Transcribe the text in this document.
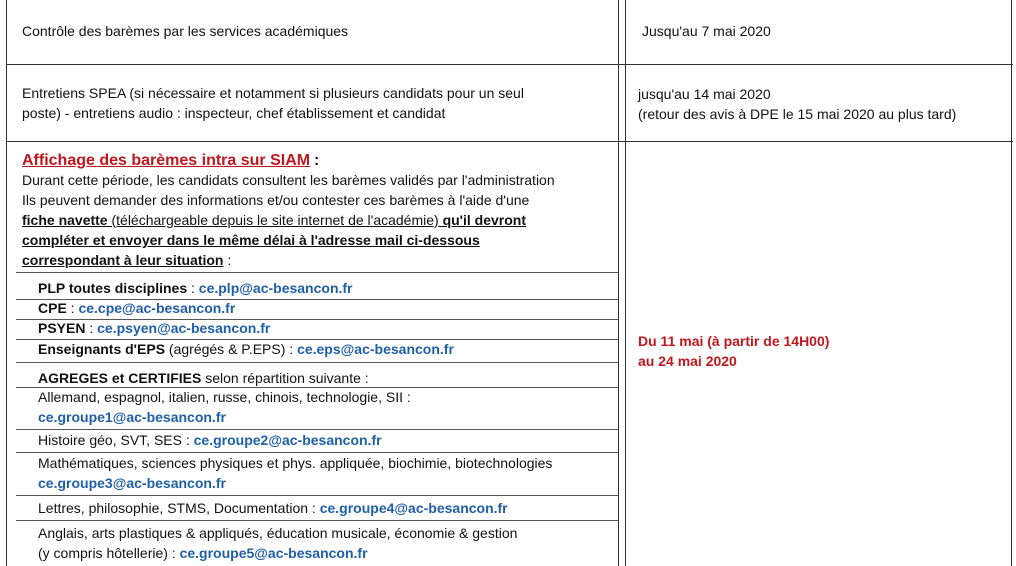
Contrôle des barèmes par les services académiques	Jusqu'au 7 mai 2020
Entretiens SPEA (si nécessaire et notamment si plusieurs candidats pour un seul
poste) - entretiens audio : inspecteur, chef établissement et candidat
jusqu'au 14 mai 2020
(retour des avis à DPE le 15 mai 2020 au plus tard)
Affichage des barèmes intra sur SIAM :
Durant cette période, les candidats consultent les barèmes validés par l'administration
Ils peuvent demander des informations et/ou contester ces barèmes à l'aide d'une
fiche navette (téléchargeable depuis le site internet de l'académie) qu'il devront
compléter et envoyer dans le même délai à l'adresse mail ci-dessous
correspondant à leur situation :
PLP toutes disciplines : ce.plp@ac-besancon.fr
CPE : ce.cpe@ac-besancon.fr
PSYEN : ce.psyen@ac-besancon.fr
Enseignants d'EPS (agrégés & P.EPS) : ce.eps@ac-besancon.fr
AGREGES et CERTIFIES selon répartition suivante :
Allemand, espagnol, italien, russe, chinois, technologie, SII :
ce.groupe1@ac-besancon.fr
Histoire géo, SVT, SES : ce.groupe2@ac-besancon.fr
Mathématiques, sciences physiques et phys. appliquée, biochimie, biotechnologies
ce.groupe3@ac-besancon.fr
Lettres, philosophie, STMS, Documentation : ce.groupe4@ac-besancon.fr
Anglais, arts plastiques & appliqués, éducation musicale, économie & gestion
(y compris hôtellerie) : ce.groupe5@ac-besancon.fr
Du 11 mai (à partir de 14H00)
au 24 mai 2020
